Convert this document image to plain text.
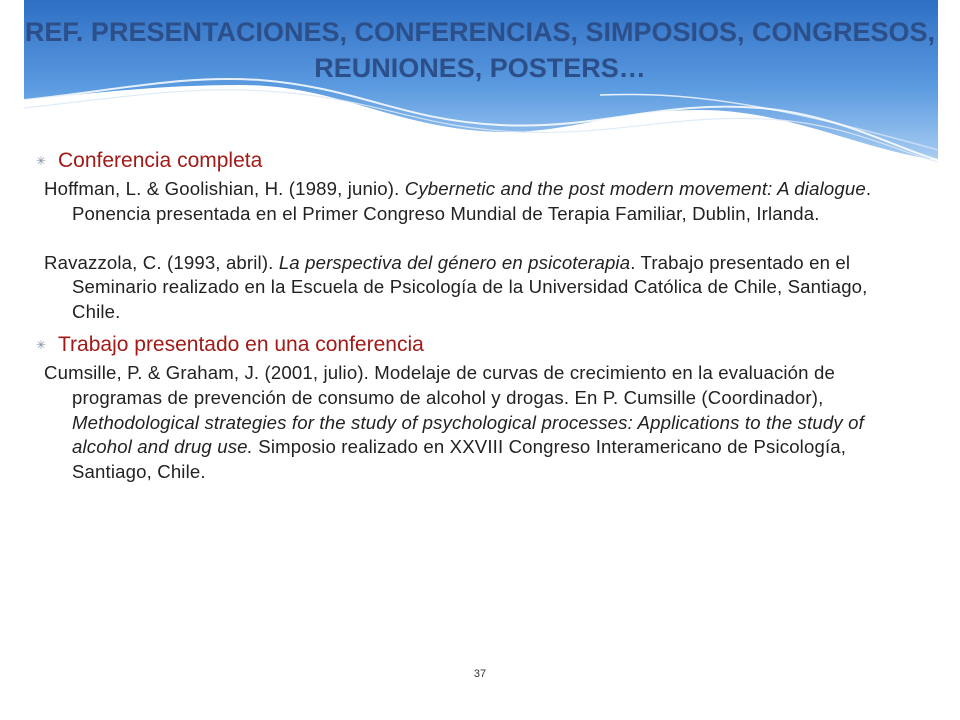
REF. PRESENTACIONES, CONFERENCIAS, SIMPOSIOS, CONGRESOS,
REUNIONES, POSTERS…
✳ Conferencia completa
Hoffman, L. & Goolishian, H. (1989, junio). Cybernetic and the post modern movement: A dialogue. Ponencia presentada en el Primer Congreso Mundial de Terapia Familiar, Dublin, Irlanda.
Ravazzola, C. (1993, abril). La perspectiva del género en psicoterapia. Trabajo presentado en el Seminario realizado en la Escuela de Psicología de la Universidad Católica de Chile, Santiago, Chile.
✳ Trabajo presentado en una conferencia
Cumsille, P. & Graham, J. (2001, julio). Modelaje de curvas de crecimiento en la evaluación de programas de prevención de consumo de alcohol y drogas. En P. Cumsille (Coordinador), Methodological strategies for the study of psychological processes: Applications to the study of alcohol and drug use. Simposio realizado en XXVIII Congreso Interamericano de Psicología, Santiago, Chile.
37
